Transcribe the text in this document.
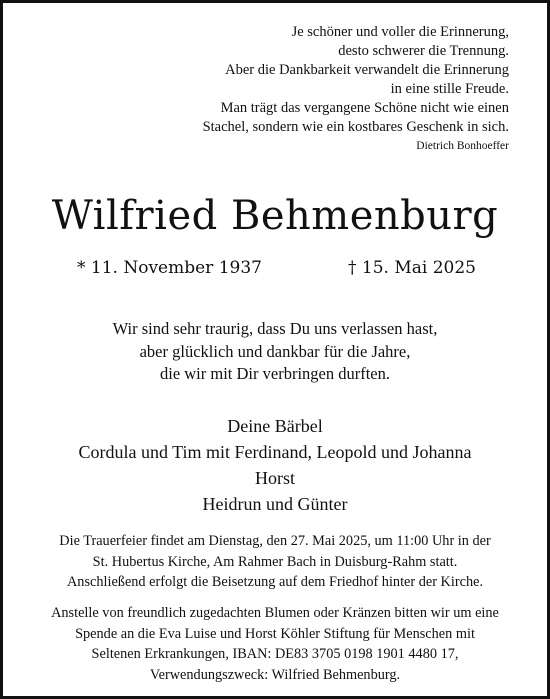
Je schöner und voller die Erinnerung,
desto schwerer die Trennung.
Aber die Dankbarkeit verwandelt die Erinnerung
in eine stille Freude.
Man trägt das vergangene Schöne nicht wie einen
Stachel, sondern wie ein kostbares Geschenk in sich.
Dietrich Bonhoeffer
Wilfried Behmenburg
* 11. November 1937	† 15. Mai 2025
Wir sind sehr traurig, dass Du uns verlassen hast,
aber glücklich und dankbar für die Jahre,
die wir mit Dir verbringen durften.
Deine Bärbel
Cordula und Tim mit Ferdinand, Leopold und Johanna
Horst
Heidrun und Günter
Die Trauerfeier findet am Dienstag, den 27. Mai 2025, um 11:00 Uhr in der
St. Hubertus Kirche, Am Rahmer Bach in Duisburg-Rahm statt.
Anschließend erfolgt die Beisetzung auf dem Friedhof hinter der Kirche.
Anstelle von freundlich zugedachten Blumen oder Kränzen bitten wir um eine
Spende an die Eva Luise und Horst Köhler Stiftung für Menschen mit
Seltenen Erkrankungen, IBAN: DE83 3705 0198 1901 4480 17,
Verwendungszweck: Wilfried Behmenburg.
